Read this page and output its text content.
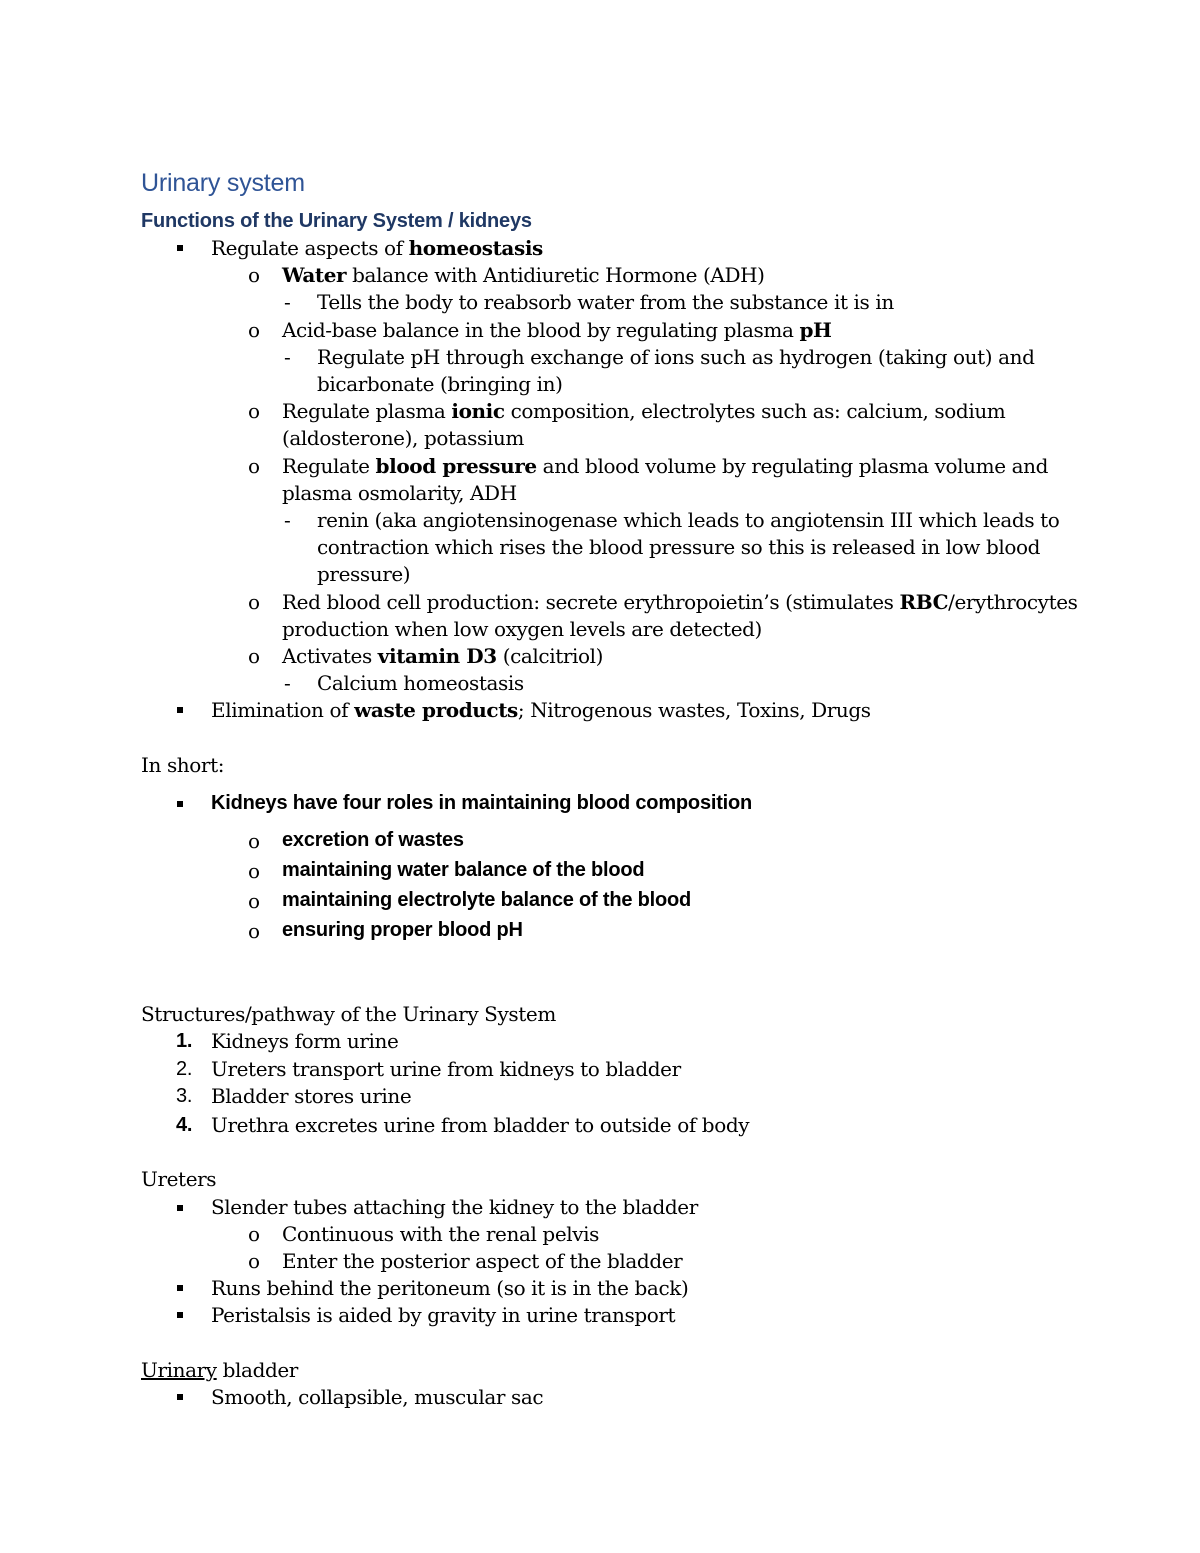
Urinary system
Functions of the Urinary System / kidneys
Regulate aspects of homeostasis
o Water balance with Antidiuretic Hormone (ADH)
- Tells the body to reabsorb water from the substance it is in
o Acid-base balance in the blood by regulating plasma pH
- Regulate pH through exchange of ions such as hydrogen (taking out) and
bicarbonate (bringing in)
o Regulate plasma ionic composition, electrolytes such as: calcium, sodium
(aldosterone), potassium
o Regulate blood pressure and blood volume by regulating plasma volume and
plasma osmolarity, ADH
- renin (aka angiotensinogenase which leads to angiotensin III which leads to
contraction which rises the blood pressure so this is released in low blood
pressure)
o Red blood cell production: secrete erythropoietin’s (stimulates RBC/erythrocytes
production when low oxygen levels are detected)
o Activates vitamin D3 (calcitriol)
- Calcium homeostasis
Elimination of waste products; Nitrogenous wastes, Toxins, Drugs
In short:
Kidneys have four roles in maintaining blood composition
o excretion of wastes
o maintaining water balance of the blood
o maintaining electrolyte balance of the blood
o ensuring proper blood pH
Structures/pathway of the Urinary System
1. Kidneys form urine
2. Ureters transport urine from kidneys to bladder
3. Bladder stores urine
4. Urethra excretes urine from bladder to outside of body
Ureters
Slender tubes attaching the kidney to the bladder
o Continuous with the renal pelvis
o Enter the posterior aspect of the bladder
Runs behind the peritoneum (so it is in the back)
Peristalsis is aided by gravity in urine transport
Urinary bladder
Smooth, collapsible, muscular sac
